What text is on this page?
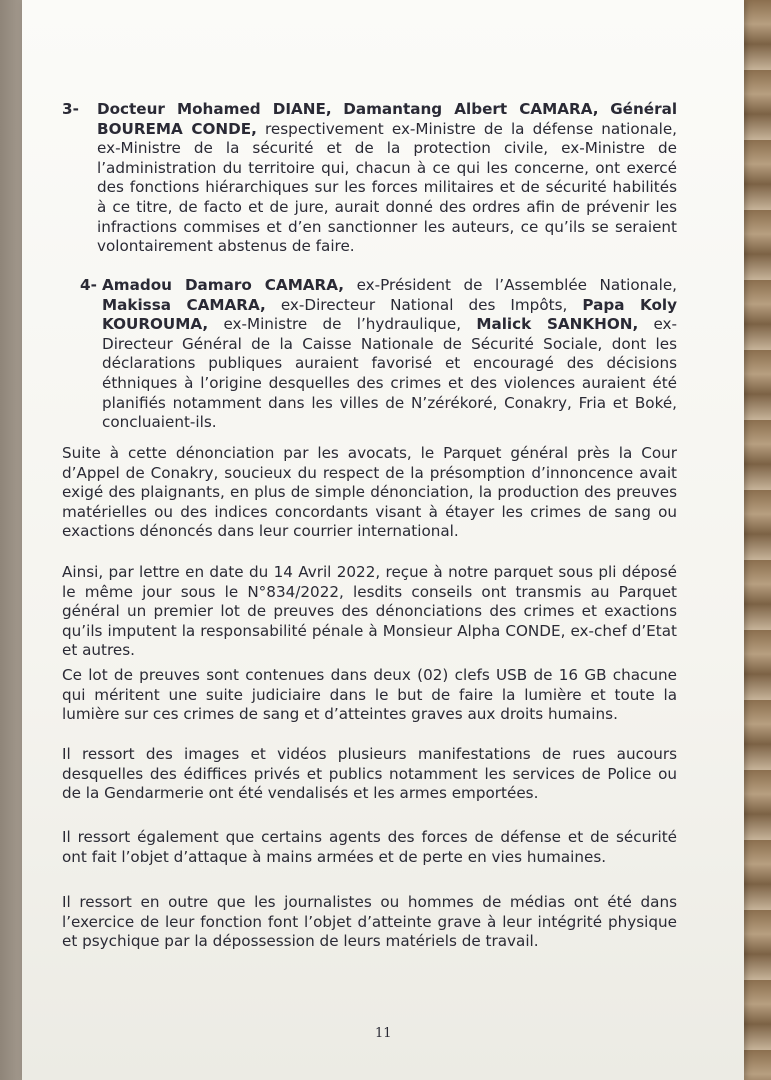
3- Docteur Mohamed DIANE, Damantang Albert CAMARA, Général BOUREMA CONDE, respectivement ex-Ministre de la défense nationale, ex-Ministre de la sécurité et de la protection civile, ex-Ministre de l’administration du territoire qui, chacun à ce qui les concerne, ont exercé des fonctions hiérarchiques sur les forces militaires et de sécurité habilités à ce titre, de facto et de jure, aurait donné des ordres afin de prévenir les infractions commises et d’en sanctionner les auteurs, ce qu’ils se seraient volontairement abstenus de faire.
4- Amadou Damaro CAMARA, ex-Président de l’Assemblée Nationale, Makissa CAMARA, ex-Directeur National des Impôts, Papa Koly KOUROUMA, ex-Ministre de l’hydraulique, Malick SANKHON, ex-Directeur Général de la Caisse Nationale de Sécurité Sociale, dont les déclarations publiques auraient favorisé et encouragé des décisions éthniques à l’origine desquelles des crimes et des violences auraient été planifiés notamment dans les villes de N’zérékoré, Conakry, Fria et Boké, concluaient-ils.
Suite à cette dénonciation par les avocats, le Parquet général près la Cour d’Appel de Conakry, soucieux du respect de la présomption d’innoncence avait exigé des plaignants, en plus de simple dénonciation, la production des preuves matérielles ou des indices concordants visant à étayer les crimes de sang ou exactions dénoncés dans leur courrier international.
Ainsi, par lettre en date du 14 Avril 2022, reçue à notre parquet sous pli déposé le même jour sous le N°834/2022, lesdits conseils ont transmis au Parquet général un premier lot de preuves des dénonciations des crimes et exactions qu’ils imputent la responsabilité pénale à Monsieur Alpha CONDE, ex-chef d’Etat et autres.
Ce lot de preuves sont contenues dans deux (02) clefs USB de 16 GB chacune qui méritent une suite judiciaire dans le but de faire la lumière et toute la lumière sur ces crimes de sang et d’atteintes graves aux droits humains.
Il ressort des images et vidéos plusieurs manifestations de rues aucours desquelles des édiffices privés et publics notamment les services de Police ou de la Gendarmerie ont été vendalisés et les armes emportées.
Il ressort également que certains agents des forces de défense et de sécurité ont fait l’objet d’attaque à mains armées et de perte en vies humaines.
Il ressort en outre que les journalistes ou hommes de médias ont été dans l’exercice de leur fonction font l’objet d’atteinte grave à leur intégrité physique et psychique par la dépossession de leurs matériels de travail.
11
